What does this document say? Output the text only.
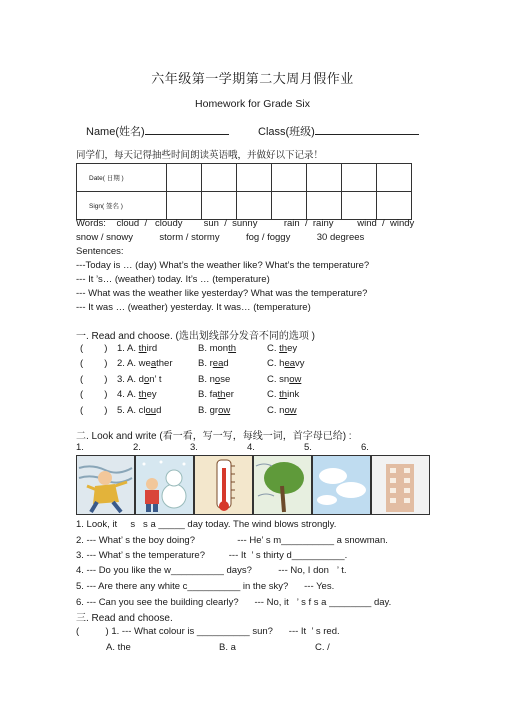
六年级第一学期第二大周月假作业
Homework for Grade Six
Name(姓名)	Class(班级)
同学们，每天记得抽些时间朗读英语哦，并做好以下记录！
Date( 日期 )							
Sign( 签名 )							
Words:    cloud  /   cloudy        sun  /  sunny          rain  /  rainy         wind  /  windy
snow / snowy          storm / stormy          fog / foggy          30 degrees
Sentences:
---Today is … (day) What’s the weather like? What’s the temperature?
--- It ’s… (weather) today. It’s … (temperature)
--- What was the weather like yesterday? What was the temperature?
--- It was … (weather) yesterday. It was… (temperature)
一. Read and choose. (选出划线部分发音不同的选项 )
(        ) 1. A. third	B. month	C. they
(        ) 2. A. weather	B. read	C. heavy
(        ) 3. A. don’ t	B. nose	C. snow
(        ) 4. A. they	B. father	C. think
(        ) 5. A. cloud	B. grow	C. now
二. Look and write (看一看，写一写，每线一词，首字母已给) :
1.	2.	3.	4.	5.	6.
1. Look, it     s   s a _____ day today. The wind blows strongly.
2. --- What’ s the boy doing?                --- He’ s m__________ a snowman.
3. --- What’ s the temperature?         --- It  ’ s thirty d__________.
4. --- Do you like the w__________ days?          --- No, I don   ’ t.
5. --- Are there any white c__________ in the sky?      --- Yes.
6. --- Can you see the building clearly?      --- No, it   ’ s f s a ________ day.
三. Read and choose.
(          ) 1. --- What colour is __________ sun?      --- It  ’ s red.
A. the	B. a	C. /
